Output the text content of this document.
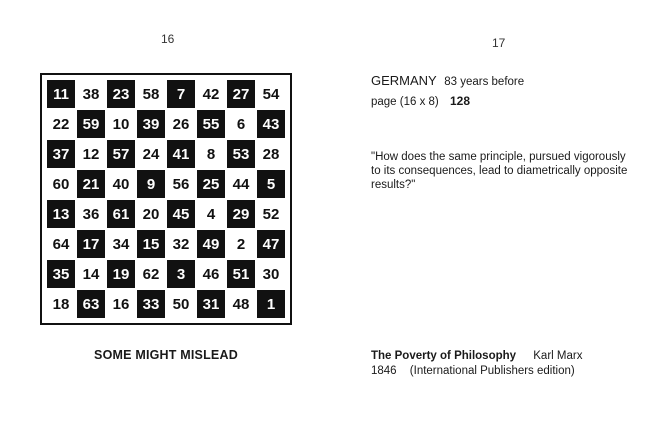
16	17
11 38 23 58	7	42 27 54
22 59 10 39 26 55	6	43
37 12 57 24 41	8	53 28
60 21 40	9	56 25 44	5
13 36 61 20 45	4	29 52
64 17 34 15 32 49	2	47
35 14 19 62	3	46 51 30
18 63 16 33 50 31 48	1
SOME MIGHT MISLEAD
GERMANY 83 years before
page (16 x 8) 128
"How does the same principle, pursued vigorously to its consequences, lead to diametrically opposite results?"
The Poverty of Philosophy Karl Marx
1846 (International Publishers edition)
